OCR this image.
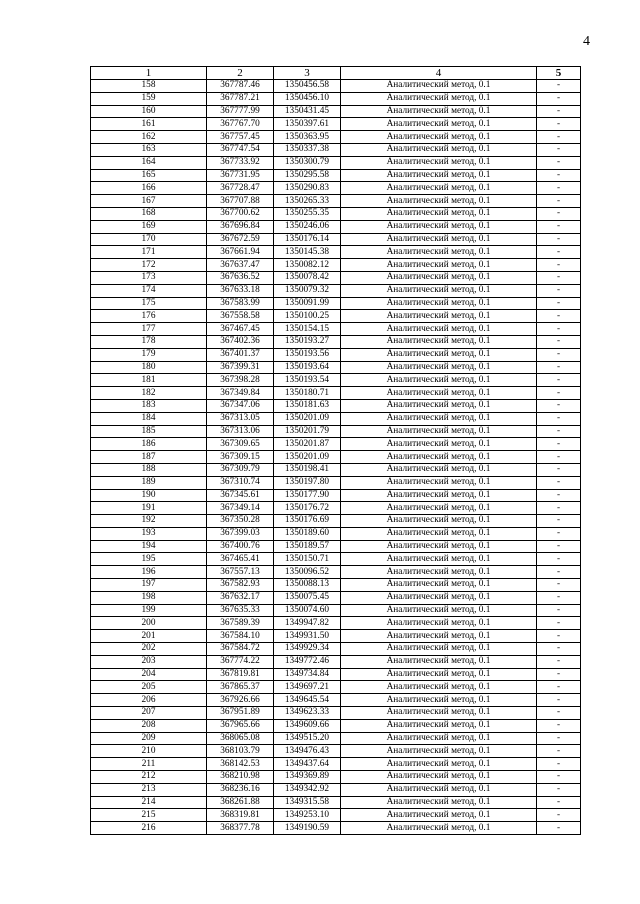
4
1	2	3	4	5
158	367787.46	1350456.58	Аналитический метод, 0.1	-
159	367787.21	1350456.10	Аналитический метод, 0.1	-
160	367777.99	1350431.45	Аналитический метод, 0.1	-
161	367767.70	1350397.61	Аналитический метод, 0.1	-
162	367757.45	1350363.95	Аналитический метод, 0.1	-
163	367747.54	1350337.38	Аналитический метод, 0.1	-
164	367733.92	1350300.79	Аналитический метод, 0.1	-
165	367731.95	1350295.58	Аналитический метод, 0.1	-
166	367728.47	1350290.83	Аналитический метод, 0.1	-
167	367707.88	1350265.33	Аналитический метод, 0.1	-
168	367700.62	1350255.35	Аналитический метод, 0.1	-
169	367696.84	1350246.06	Аналитический метод, 0.1	-
170	367672.59	1350176.14	Аналитический метод, 0.1	-
171	367661.94	1350145.38	Аналитический метод, 0.1	-
172	367637.47	1350082.12	Аналитический метод, 0.1	-
173	367636.52	1350078.42	Аналитический метод, 0.1	-
174	367633.18	1350079.32	Аналитический метод, 0.1	-
175	367583.99	1350091.99	Аналитический метод, 0.1	-
176	367558.58	1350100.25	Аналитический метод, 0.1	-
177	367467.45	1350154.15	Аналитический метод, 0.1	-
178	367402.36	1350193.27	Аналитический метод, 0.1	-
179	367401.37	1350193.56	Аналитический метод, 0.1	-
180	367399.31	1350193.64	Аналитический метод, 0.1	-
181	367398.28	1350193.54	Аналитический метод, 0.1	-
182	367349.84	1350180.71	Аналитический метод, 0.1	-
183	367347.06	1350181.63	Аналитический метод, 0.1	-
184	367313.05	1350201.09	Аналитический метод, 0.1	-
185	367313.06	1350201.79	Аналитический метод, 0.1	-
186	367309.65	1350201.87	Аналитический метод, 0.1	-
187	367309.15	1350201.09	Аналитический метод, 0.1	-
188	367309.79	1350198.41	Аналитический метод, 0.1	-
189	367310.74	1350197.80	Аналитический метод, 0.1	-
190	367345.61	1350177.90	Аналитический метод, 0.1	-
191	367349.14	1350176.72	Аналитический метод, 0.1	-
192	367350.28	1350176.69	Аналитический метод, 0.1	-
193	367399.03	1350189.60	Аналитический метод, 0.1	-
194	367400.76	1350189.57	Аналитический метод, 0.1	-
195	367465.41	1350150.71	Аналитический метод, 0.1	-
196	367557.13	1350096.52	Аналитический метод, 0.1	-
197	367582.93	1350088.13	Аналитический метод, 0.1	-
198	367632.17	1350075.45	Аналитический метод, 0.1	-
199	367635.33	1350074.60	Аналитический метод, 0.1	-
200	367589.39	1349947.82	Аналитический метод, 0.1	-
201	367584.10	1349931.50	Аналитический метод, 0.1	-
202	367584.72	1349929.34	Аналитический метод, 0.1	-
203	367774.22	1349772.46	Аналитический метод, 0.1	-
204	367819.81	1349734.84	Аналитический метод, 0.1	-
205	367865.37	1349697.21	Аналитический метод, 0.1	-
206	367926.66	1349645.54	Аналитический метод, 0.1	-
207	367951.89	1349623.33	Аналитический метод, 0.1	-
208	367965.66	1349609.66	Аналитический метод, 0.1	-
209	368065.08	1349515.20	Аналитический метод, 0.1	-
210	368103.79	1349476.43	Аналитический метод, 0.1	-
211	368142.53	1349437.64	Аналитический метод, 0.1	-
212	368210.98	1349369.89	Аналитический метод, 0.1	-
213	368236.16	1349342.92	Аналитический метод, 0.1	-
214	368261.88	1349315.58	Аналитический метод, 0.1	-
215	368319.81	1349253.10	Аналитический метод, 0.1	-
216	368377.78	1349190.59	Аналитический метод, 0.1	-
